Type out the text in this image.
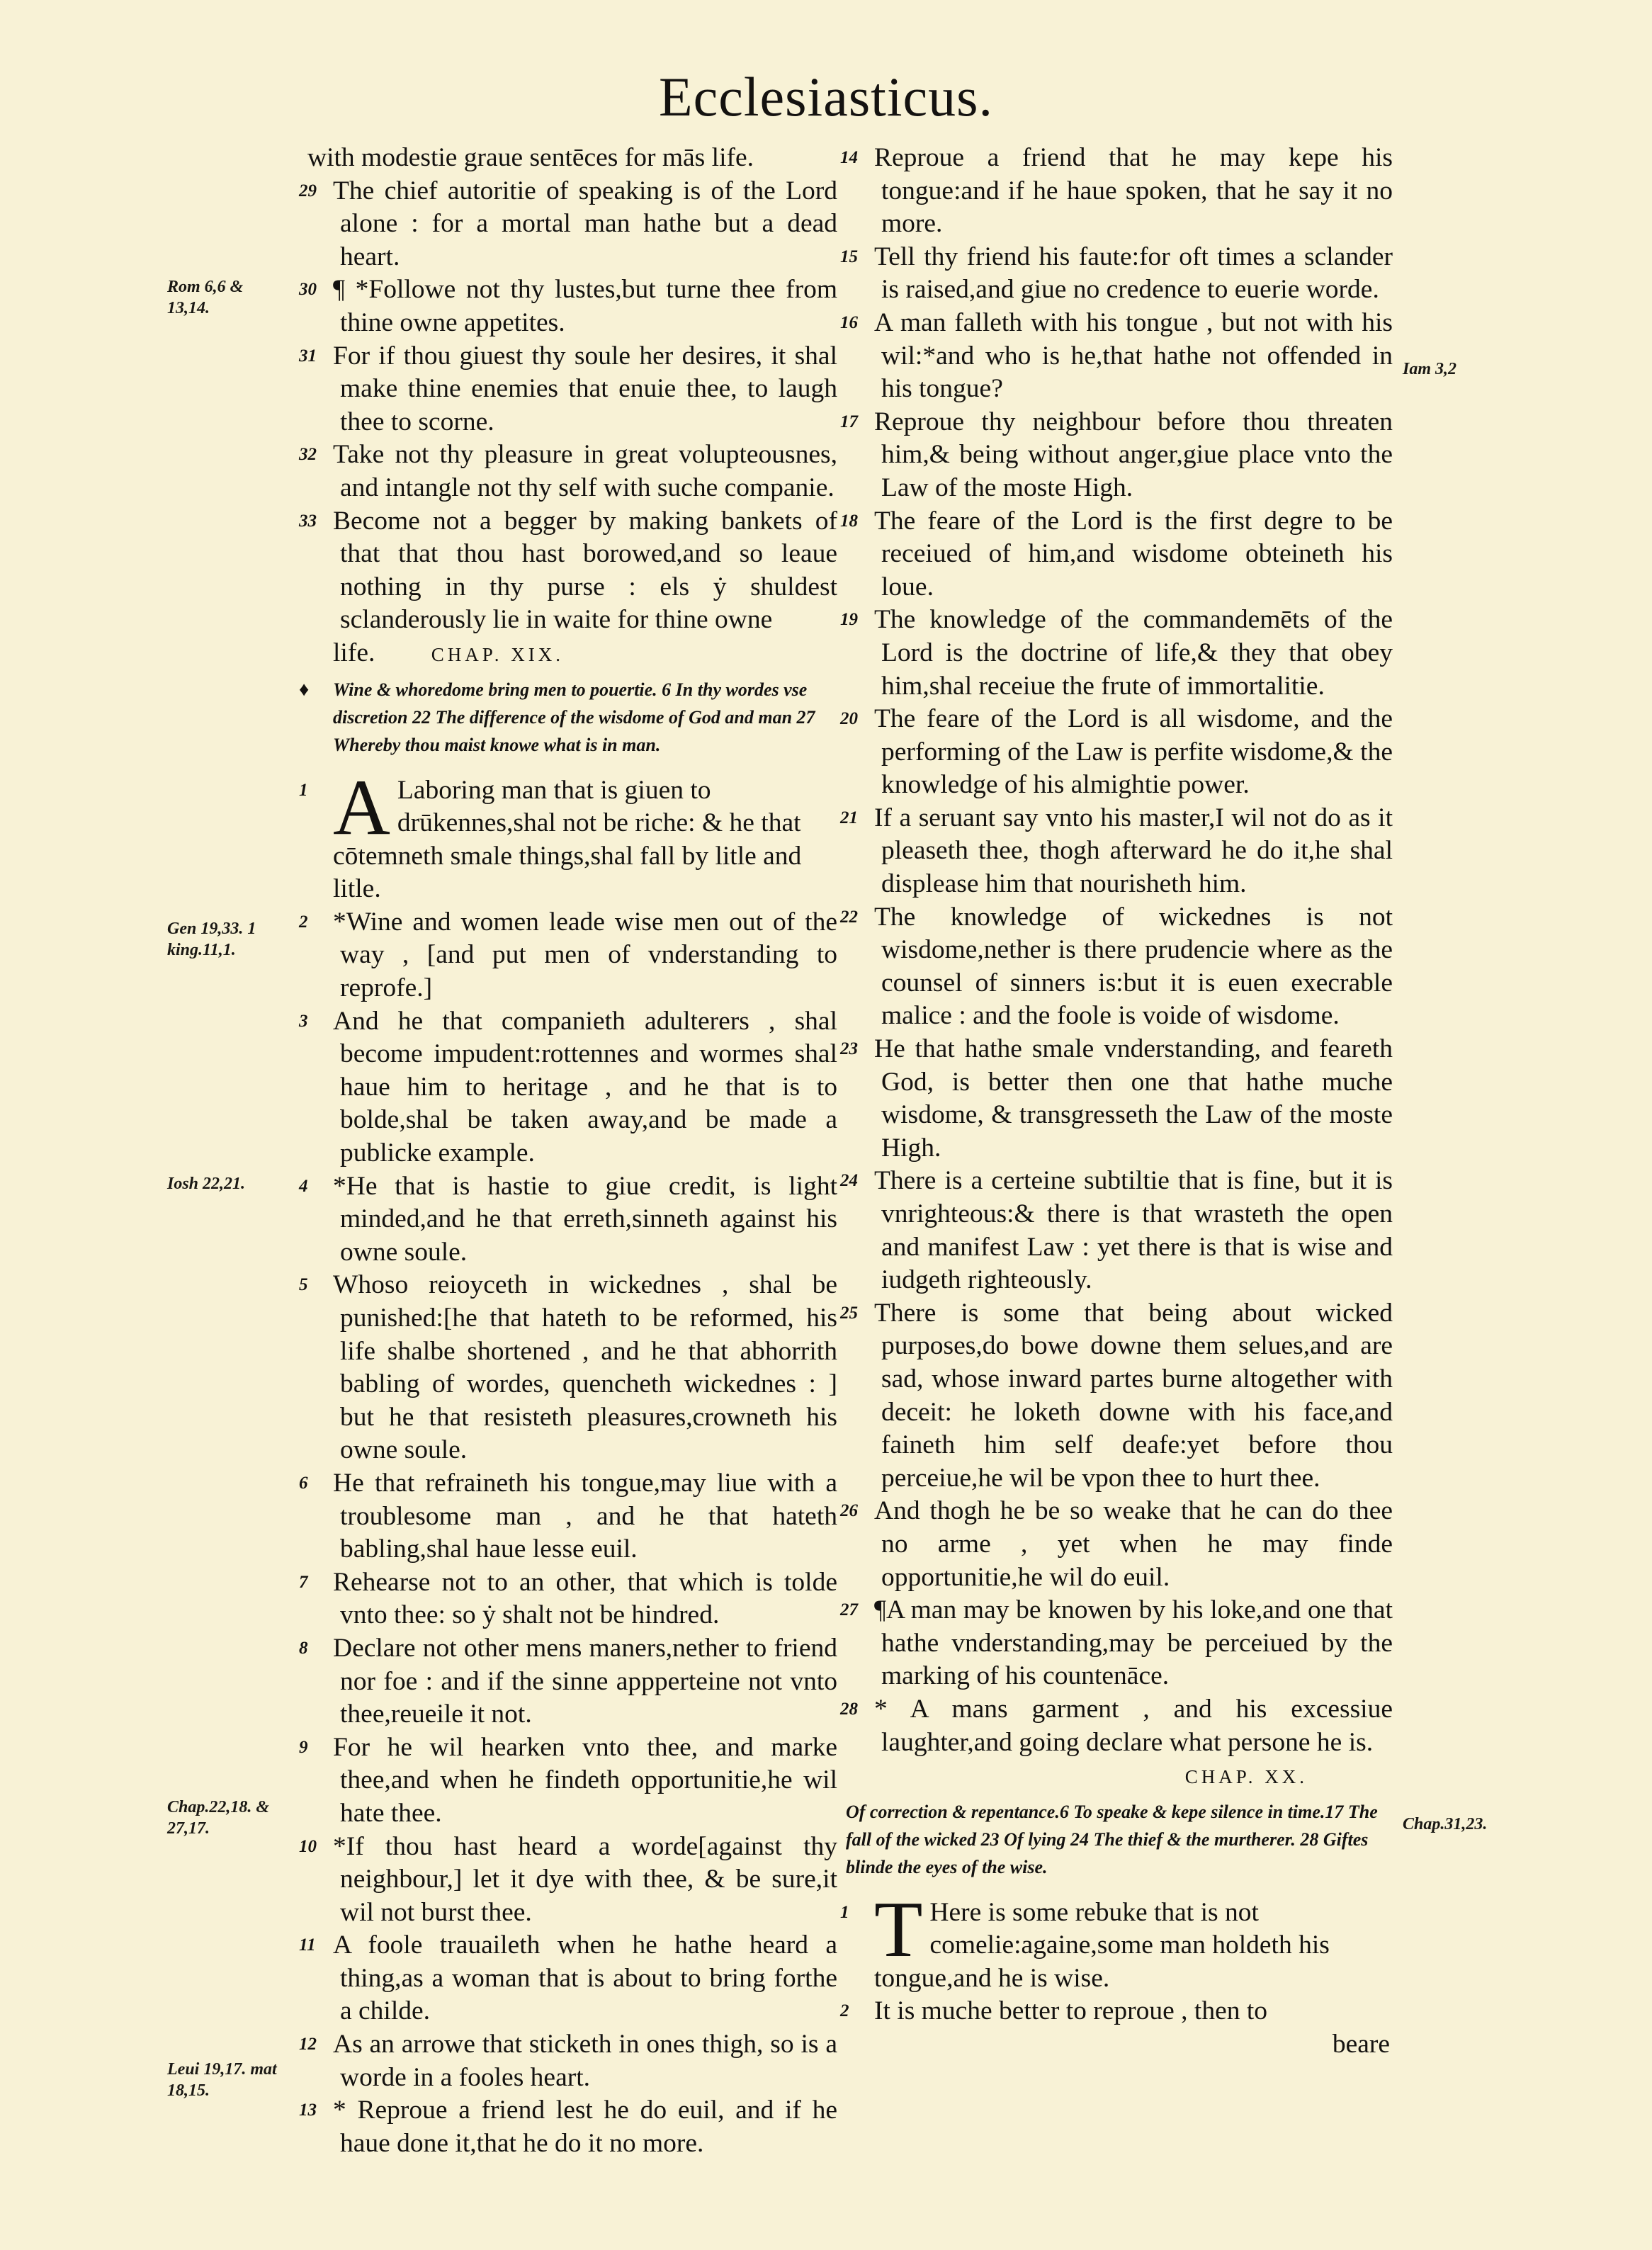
Ecclesiasticus.
with modestie graue sentēces for mās life.
29 The chief autoritie of speaking is of the Lord alone : for a mortal man hathe but a dead heart.
30 ¶ *Followe not thy lustes,but turne thee from thine owne appetites.
31 For if thou giuest thy soule her desires, it shal make thine enemies that enuie thee, to laugh thee to scorne.
32 Take not thy pleasure in great volupteousnes, and intangle not thy self with suche companie.
33 Become not a begger by making bankets of that that thou hast borowed,and so leaue nothing in thy purse : els ẏ shuldest sclanderously lie in waite for thine owne
life.	CHAP. XIX.
♦ Wine & whoredome bring men to pouertie. 6 In thy wordes vse discretion 22 The difference of the wisdome of God and man 27 Whereby thou maist knowe what is in man.
1 A Laboring man that is giuen to drūkennes,shal not be riche: & he that cōtemneth smale things,shal fall by litle and litle.
2 *Wine and women leade wise men out of the way , [and put men of vnderstanding to reprofe.]
3 And he that companieth adulterers , shal become impudent:rottennes and wormes shal haue him to heritage , and he that is to bolde,shal be taken away,and be made a publicke example.
4 *He that is hastie to giue credit, is light minded,and he that erreth,sinneth against his owne soule.
5 Whoso reioyceth in wickednes , shal be punished:[he that hateth to be reformed, his life shalbe shortened , and he that abhorrith babling of wordes, quencheth wickednes : ] but he that resisteth pleasures,crowneth his owne soule.
6 He that refraineth his tongue,may liue with a troublesome man , and he that hateth babling,shal haue lesse euil.
7 Rehearse not to an other, that which is tolde vnto thee: so ẏ shalt not be hindred.
8 Declare not other mens maners,nether to friend nor foe : and if the sinne appperteine not vnto thee,reueile it not.
9 For he wil hearken vnto thee, and marke thee,and when he findeth opportunitie,he wil hate thee.
10 *If thou hast heard a worde[against thy neighbour,] let it dye with thee, & be sure,it wil not burst thee.
11 A foole trauaileth when he hathe heard a thing,as a woman that is about to bring forthe a childe.
12 As an arrowe that sticketh in ones thigh, so is a worde in a fooles heart.
13 * Reproue a friend lest he do euil, and if he haue done it,that he do it no more.
14 Reproue a friend that he may kepe his tongue:and if he haue spoken, that he say it no more.
15 Tell thy friend his faute:for oft times a sclander is raised,and giue no credence to euerie worde.
16 A man falleth with his tongue , but not with his wil:*and who is he,that hathe not offended in his tongue?
17 Reproue thy neighbour before thou threaten him,& being without anger,giue place vnto the Law of the moste High.
18 The feare of the Lord is the first degre to be receiued of him,and wisdome obteineth his loue.
19 The knowledge of the commandemēts of the Lord is the doctrine of life,& they that obey him,shal receiue the frute of immortalitie.
20 The feare of the Lord is all wisdome, and the performing of the Law is perfite wisdome,& the knowledge of his almightie power.
21 If a seruant say vnto his master,I wil not do as it pleaseth thee, thogh afterward he do it,he shal displease him that nourisheth him.
22 The knowledge of wickednes is not wisdome,nether is there prudencie where as the counsel of sinners is:but it is euen execrable malice : and the foole is voide of wisdome.
23 He that hathe smale vnderstanding, and feareth God, is better then one that hathe muche wisdome, & transgresseth the Law of the moste High.
24 There is a certeine subtiltie that is fine, but it is vnrighteous:& there is that wrasteth the open and manifest Law : yet there is that is wise and iudgeth righteously.
25 There is some that being about wicked purposes,do bowe downe them selues,and are sad, whose inward partes burne altogether with deceit: he loketh downe with his face,and faineth him self deafe:yet before thou perceiue,he wil be vpon thee to hurt thee.
26 And thogh he be so weake that he can do thee no arme , yet when he may finde opportunitie,he wil do euil.
27 ¶A man may be knowen by his loke,and one that hathe vnderstanding,may be perceiued by the marking of his countenāce.
28 * A mans garment , and his excessiue laughter,and going declare what persone he is.
CHAP. XX.
Of correction & repentance.6 To speake & kepe silence in time.17 The fall of the wicked 23 Of lying 24 The thief & the murtherer. 28 Giftes blinde the eyes of the wise.
1 T Here is some rebuke that is not comelie:againe,some man holdeth his tongue,and he is wise.
2 It is muche better to reproue , then to
beare
Rom 6,6 & 13,14.
Gen 19,33. 1 king.11,1.
Iosh 22,21.
Chap.22,18. & 27,17.
Leui 19,17. mat 18,15.
Iam 3,2
Chap.31,23.
